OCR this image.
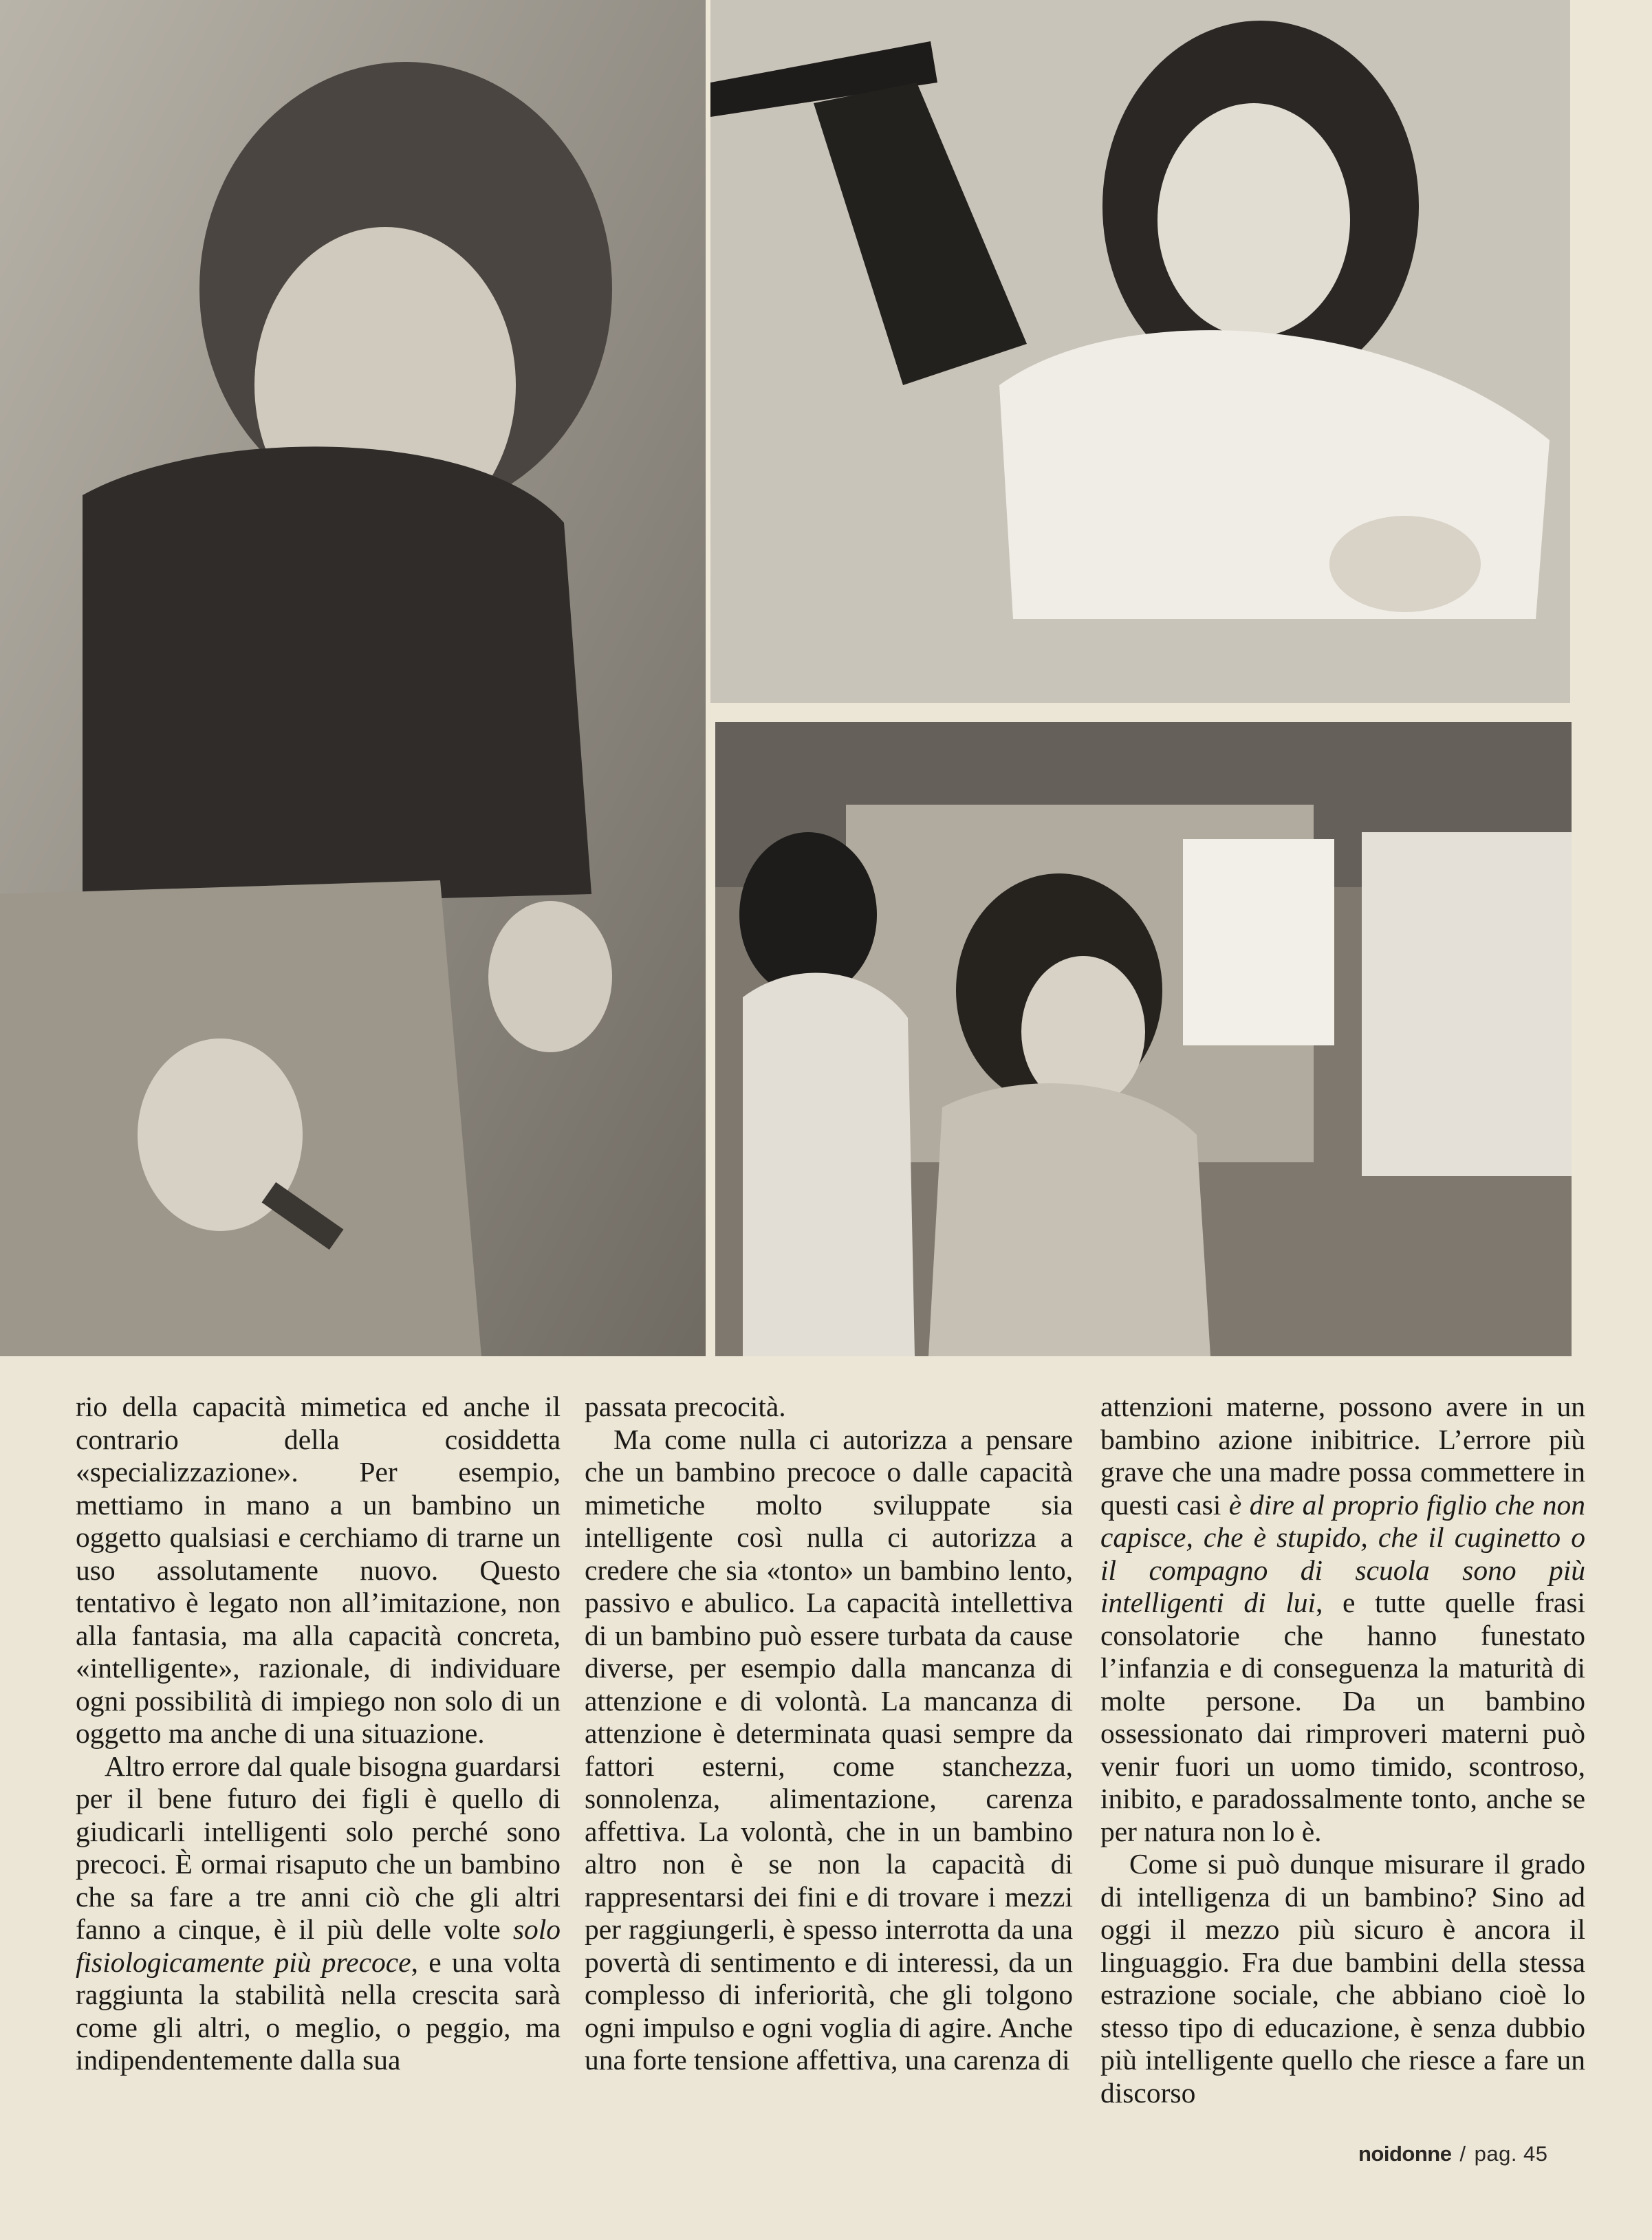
rio della capacità mimetica ed anche il contrario della cosiddetta «specializzazione». Per esempio, mettiamo in mano a un bambino un oggetto qualsiasi e cerchiamo di trarne un uso assolutamente nuovo. Questo tentativo è legato non all’imitazione, non alla fantasia, ma alla capacità concreta, «intelligente», razionale, di individuare ogni possibilità di impiego non solo di un oggetto ma anche di una situazione.

Altro errore dal quale bisogna guardarsi per il bene futuro dei figli è quello di giudicarli intelligenti solo perché sono precoci. È ormai risaputo che un bambino che sa fare a tre anni ciò che gli altri fanno a cinque, è il più delle volte solo fisiologicamente più precoce, e una volta raggiunta la stabilità nella crescita sarà come gli altri, o meglio, o peggio, ma indipendentemente dalla sua

passata precocità.

Ma come nulla ci autorizza a pensare che un bambino precoce o dalle capacità mimetiche molto sviluppate sia intelligente così nulla ci autorizza a credere che sia «tonto» un bambino lento, passivo e abulico. La capacità intellettiva di un bambino può essere turbata da cause diverse, per esempio dalla mancanza di attenzione e di volontà. La mancanza di attenzione è determinata quasi sempre da fattori esterni, come stanchezza, sonnolenza, alimentazione, carenza affettiva. La volontà, che in un bambino altro non è se non la capacità di rappresentarsi dei fini e di trovare i mezzi per raggiungerli, è spesso interrotta da una povertà di sentimento e di interessi, da un complesso di inferiorità, che gli tolgono ogni impulso e ogni voglia di agire. Anche una forte tensione affettiva, una carenza di

attenzioni materne, possono avere in un bambino azione inibitrice. L’errore più grave che una madre possa commettere in questi casi è dire al proprio figlio che non capisce, che è stupido, che il cuginetto o il compagno di scuola sono più intelligenti di lui, e tutte quelle frasi consolatorie che hanno funestato l’infanzia e di conseguenza la maturità di molte persone. Da un bambino ossessionato dai rimproveri materni può venir fuori un uomo timido, scontroso, inibito, e paradossalmente tonto, anche se per natura non lo è.

Come si può dunque misurare il grado di intelligenza di un bambino? Sino ad oggi il mezzo più sicuro è ancora il linguaggio. Fra due bambini della stessa estrazione sociale, che abbiano cioè lo stesso tipo di educazione, è senza dubbio più intelligente quello che riesce a fare un discorso

noidonne / pag. 45
